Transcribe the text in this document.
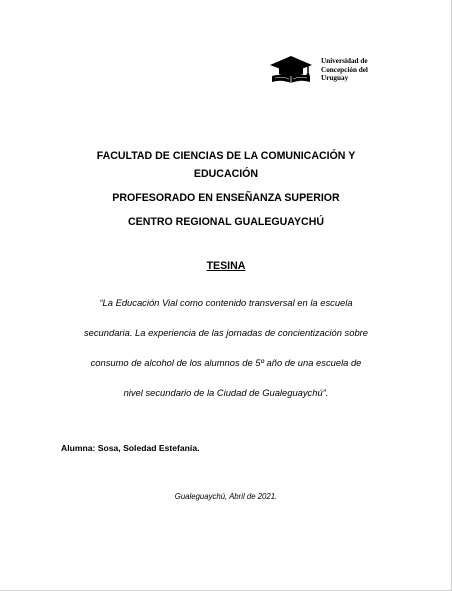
Universidad de
Concepción del
Uruguay
FACULTAD DE CIENCIAS DE LA COMUNICACIÓN Y
EDUCACIÓN
PROFESORADO EN ENSEÑANZA SUPERIOR
CENTRO REGIONAL GUALEGUAYCHÚ
TESINA
“La Educación Vial como contenido transversal en la escuela
secundaria. La experiencia de las jornadas de concientización sobre
consumo de alcohol de los alumnos de 5º año de una escuela de
nivel secundario de la Ciudad de Gualeguaychú”.
Alumna: Sosa, Soledad Estefanía.
Gualeguaychú, Abril de 2021.
